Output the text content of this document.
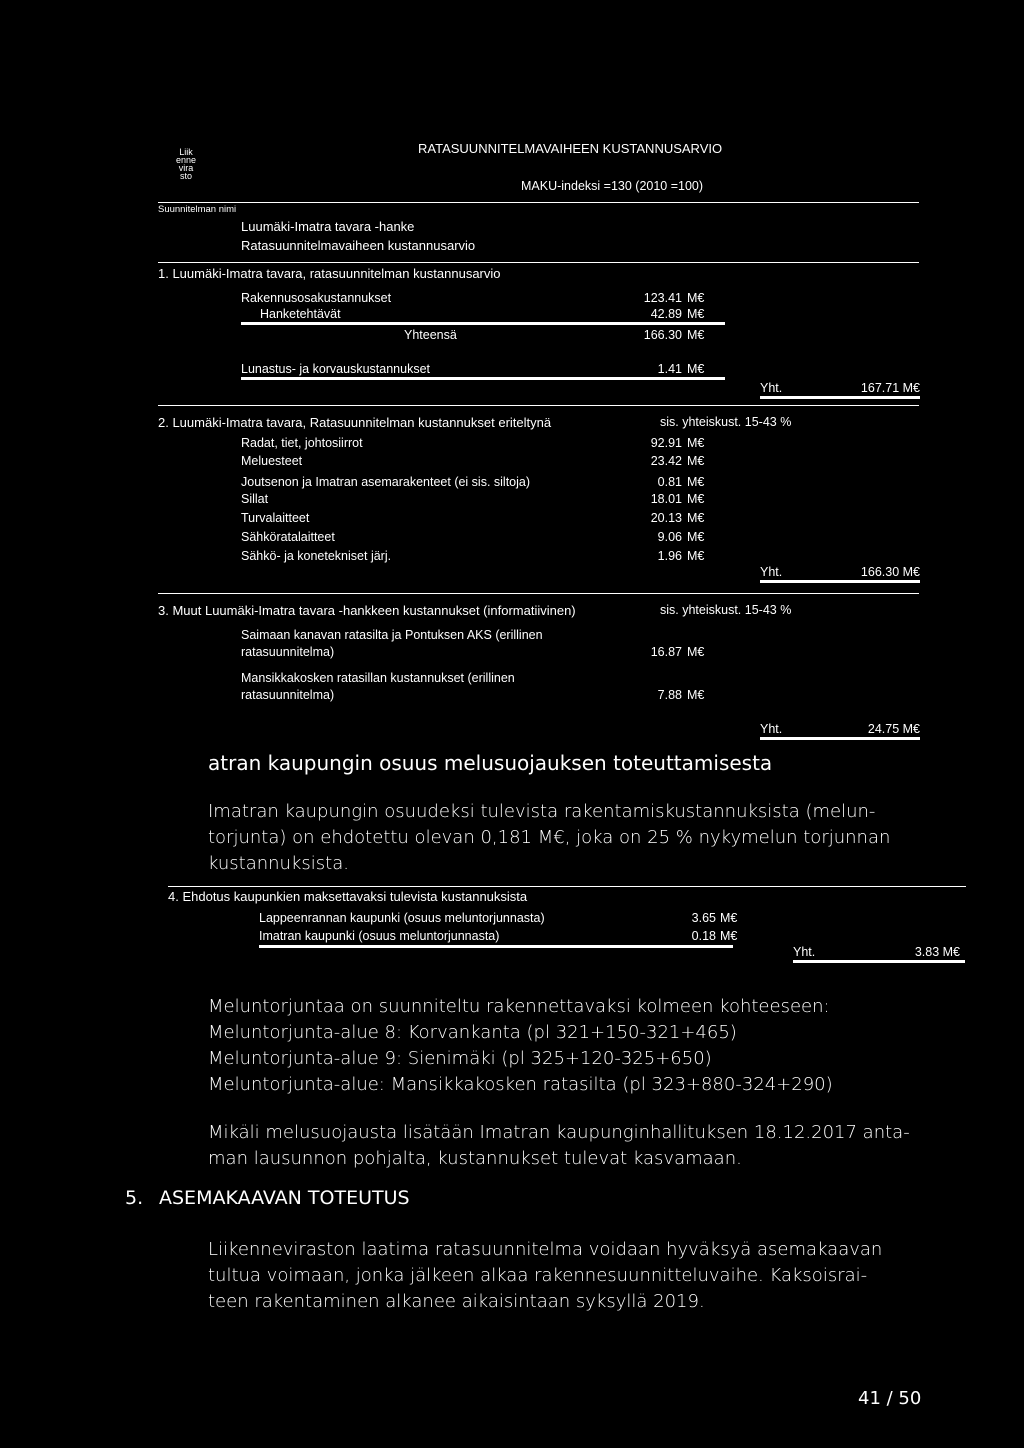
Liik
enne
vira
sto
RATASUUNNITELMAVAIHEEN KUSTANNUSARVIO
MAKU-indeksi =130 (2010 =100)
Suunnitelman nimi
Luumäki-Imatra tavara -hanke
Ratasuunnitelmavaiheen kustannusarvio
1. Luumäki-Imatra tavara, ratasuunnitelman kustannusarvio
Rakennusosakustannukset	123.41 M€
Hanketehtävät	42.89 M€
Yhteensä	166.30 M€
Lunastus- ja korvauskustannukset	1.41 M€
Yht.	167.71 M€
2. Luumäki-Imatra tavara, Ratasuunnitelman kustannukset eriteltynä	sis. yhteiskust. 15-43 %
Radat, tiet, johtosiirrot	92.91 M€
Meluesteet	23.42 M€
Joutsenon ja Imatran asemarakenteet (ei sis. siltoja)	0.81 M€
Sillat	18.01 M€
Turvalaitteet	20.13 M€
Sähköratalaitteet	9.06 M€
Sähkö- ja konetekniset järj.	1.96 M€
Yht.	166.30 M€
3. Muut Luumäki-Imatra tavara -hankkeen kustannukset (informatiivinen)	sis. yhteiskust. 15-43 %
Saimaan kanavan ratasilta ja Pontuksen AKS (erillinen
ratasuunnitelma)	16.87 M€
Mansikkakosken ratasillan kustannukset (erillinen
ratasuunnitelma)	7.88 M€
Yht.	24.75 M€
atran kaupungin osuus melusuojauksen toteuttamisesta
Imatran kaupungin osuudeksi tulevista rakentamiskustannuksista (melun-
torjunta) on ehdotettu olevan 0,181 M€, joka on 25 % nykymelun torjunnan
kustannuksista.
4. Ehdotus kaupunkien maksettavaksi tulevista kustannuksista
Lappeenrannan kaupunki (osuus meluntorjunnasta)	3.65 M€
Imatran kaupunki (osuus meluntorjunnasta)	0.18 M€
Yht.	3.83 M€
Meluntorjuntaa on suunniteltu rakennettavaksi kolmeen kohteeseen:
Meluntorjunta-alue 8: Korvankanta (pl 321+150-321+465)
Meluntorjunta-alue 9: Sienimäki (pl 325+120-325+650)
Meluntorjunta-alue: Mansikkakosken ratasilta (pl 323+880-324+290)
Mikäli melusuojausta lisätään Imatran kaupunginhallituksen 18.12.2017 anta-
man lausunnon pohjalta, kustannukset tulevat kasvamaan.
5. ASEMAKAAVAN TOTEUTUS
Liikenneviraston laatima ratasuunnitelma voidaan hyväksyä asemakaavan
tultua voimaan, jonka jälkeen alkaa rakennesuunnitteluvaihe. Kaksoisrai-
teen rakentaminen alkanee aikaisintaan syksyllä 2019.
41 / 50
